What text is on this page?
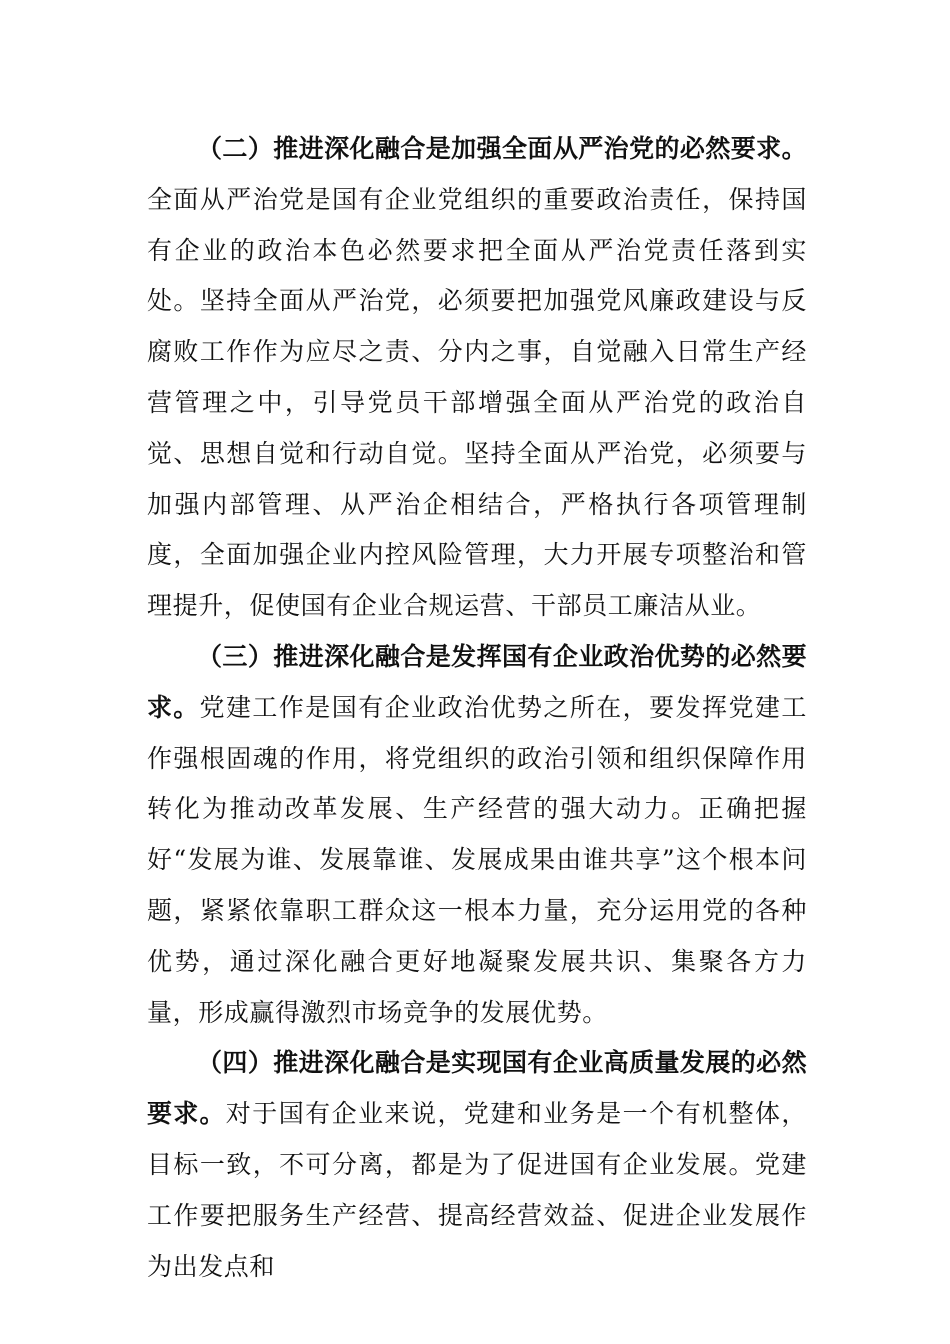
（二）推进深化融合是加强全面从严治党的必然要求。全面从严治党是国有企业党组织的重要政治责任，保持国有企业的政治本色必然要求把全面从严治党责任落到实处。坚持全面从严治党，必须要把加强党风廉政建设与反腐败工作作为应尽之责、分内之事，自觉融入日常生产经营管理之中，引导党员干部增强全面从严治党的政治自觉、思想自觉和行动自觉。坚持全面从严治党，必须要与加强内部管理、从严治企相结合，严格执行各项管理制度，全面加强企业内控风险管理，大力开展专项整治和管理提升，促使国有企业合规运营、干部员工廉洁从业。

（三）推进深化融合是发挥国有企业政治优势的必然要求。党建工作是国有企业政治优势之所在，要发挥党建工作强根固魂的作用，将党组织的政治引领和组织保障作用转化为推动改革发展、生产经营的强大动力。正确把握好“发展为谁、发展靠谁、发展成果由谁共享”这个根本问题，紧紧依靠职工群众这一根本力量，充分运用党的各种优势，通过深化融合更好地凝聚发展共识、集聚各方力量，形成赢得激烈市场竞争的发展优势。

（四）推进深化融合是实现国有企业高质量发展的必然要求。对于国有企业来说，党建和业务是一个有机整体，目标一致，不可分离，都是为了促进国有企业发展。党建工作要把服务生产经营、提高经营效益、促进企业发展作为出发点和
